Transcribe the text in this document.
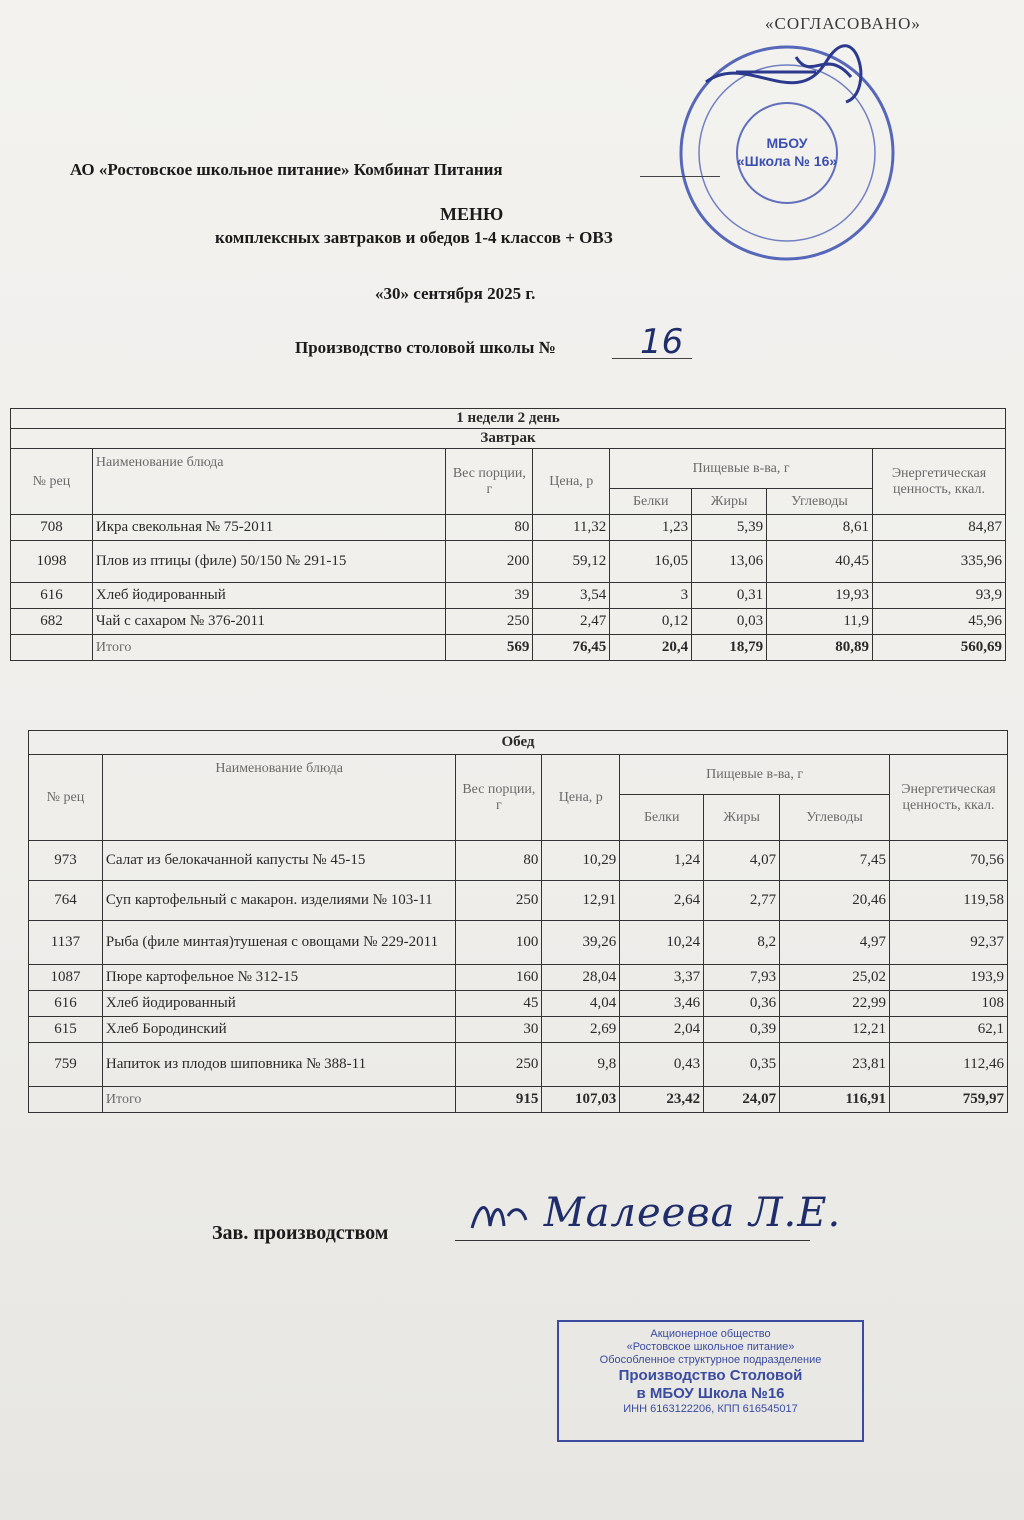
«СОГЛАСОВАНО»
МБОУ
«Школа № 16»
АО «Ростовское школьное питание» Комбинат Питания
МЕНЮ
комплексных завтраков и обедов 1-4 классов + ОВЗ
«30» сентября 2025 г.
Производство столовой школы № 16
1 недели 2 день							
Завтрак							
№ рец	Наименование блюда	Вес порции, г	Цена, р	Пищевые в-ва, г			Энергетическая ценность, ккал.
				Белки	Жиры	Углеводы	
708	Икра свекольная № 75-2011	80	11,32	1,23	5,39	8,61	84,87
1098	Плов из птицы (филе) 50/150 № 291-15	200	59,12	16,05	13,06	40,45	335,96
616	Хлеб йодированный	39	3,54	3	0,31	19,93	93,9
682	Чай с сахаром № 376-2011	250	2,47	0,12	0,03	11,9	45,96
	Итого	569	76,45	20,4	18,79	80,89	560,69
Обед							
№ рец	Наименование блюда	Вес порции, г	Цена, р	Пищевые в-ва, г			Энергетическая ценность, ккал.
				Белки	Жиры	Углеводы	
973	Салат из белокачанной капусты № 45-15	80	10,29	1,24	4,07	7,45	70,56
764	Суп картофельный с макарон. изделиями № 103-11	250	12,91	2,64	2,77	20,46	119,58
1137	Рыба (филе минтая)тушеная с овощами № 229-2011	100	39,26	10,24	8,2	4,97	92,37
1087	Пюре картофельное № 312-15	160	28,04	3,37	7,93	25,02	193,9
616	Хлеб йодированный	45	4,04	3,46	0,36	22,99	108
615	Хлеб Бородинский	30	2,69	2,04	0,39	12,21	62,1
759	Напиток из плодов шиповника № 388-11	250	9,8	0,43	0,35	23,81	112,46
	Итого	915	107,03	23,42	24,07	116,91	759,97
Зав. производством	Малеева Л.Е.
Акционерное общество
«Ростовское школьное питание»
Обособленное структурное подразделение
Производство Столовой
в МБОУ Школа №16
ИНН 6163122206, КПП 616545017
